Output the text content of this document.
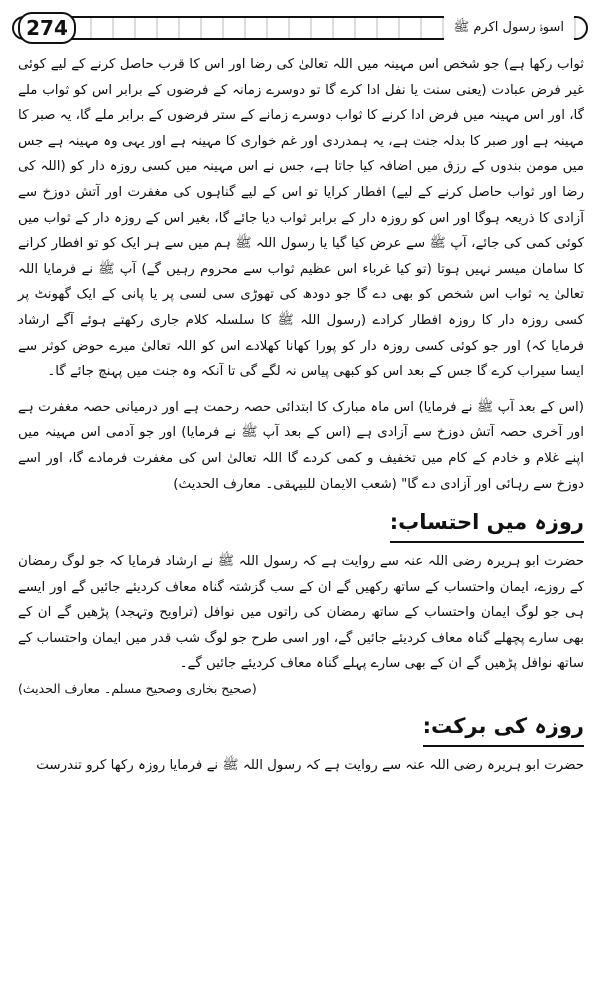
274	اسوۂ رسول اکرم ﷺ

ثواب رکھا ہے) جو شخص اس مہینہ میں اللہ تعالیٰ کی رضا اور اس کا قرب حاصل کرنے کے لیے کوئی غیر فرض عبادت (یعنی سنت یا نفل ادا کرے گا تو دوسرے زمانہ کے فرضوں کے برابر اس کو ثواب ملے گا، اور اس مہینہ میں فرض ادا کرنے کا ثواب دوسرے زمانے کے ستر فرضوں کے برابر ملے گا، یہ صبر کا مہینہ ہے اور صبر کا بدلہ جنت ہے، یہ ہمدردی اور غم خواری کا مہینہ ہے اور یہی وہ مہینہ ہے جس میں مومن بندوں کے رزق میں اضافہ کیا جاتا ہے، جس نے اس مہینہ میں کسی روزہ دار کو (اللہ کی رضا اور ثواب حاصل کرنے کے لیے) افطار کرایا تو اس کے لیے گناہوں کی مغفرت اور آتش دوزخ سے آزادی کا ذریعہ ہوگا اور اس کو روزہ دار کے برابر ثواب دیا جائے گا، بغیر اس کے روزہ دار کے ثواب میں کوئی کمی کی جائے، آپ ﷺ سے عرض کیا گیا یا رسول اللہ ﷺ ہم میں سے ہر ایک کو تو افطار کرانے کا سامان میسر نہیں ہوتا (تو کیا غرباء اس عظیم ثواب سے محروم رہیں گے) آپ ﷺ نے فرمایا اللہ تعالیٰ یہ ثواب اس شخص کو بھی دے گا جو دودھ کی تھوڑی سی لسی پر یا پانی کے ایک گھونٹ پر کسی روزہ دار کا روزہ افطار کرادے (رسول اللہ ﷺ کا سلسلہ کلام جاری رکھتے ہوئے آگے ارشاد فرمایا کہ) اور جو کوئی کسی روزہ دار کو پورا کھانا کھلادے اس کو اللہ تعالیٰ میرے حوض کوثر سے ایسا سیراب کرے گا جس کے بعد اس کو کبھی پیاس نہ لگے گی تا آنکہ وہ جنت میں پہنچ جائے گا۔

(اس کے بعد آپ ﷺ نے فرمایا) اس ماہ مبارک کا ابتدائی حصہ رحمت ہے اور درمیانی حصہ مغفرت ہے اور آخری حصہ آتش دوزخ سے آزادی ہے (اس کے بعد آپ ﷺ نے فرمایا) اور جو آدمی اس مہینہ میں اپنے غلام و خادم کے کام میں تخفیف و کمی کردے گا اللہ تعالیٰ اس کی مغفرت فرمادے گا، اور اسے دوزخ سے رہائی اور آزادی دے گا" (شعب الایمان للبیہقی۔ معارف الحدیث)

روزہ میں احتساب:

حضرت ابو ہریرہ رضی اللہ عنہ سے روایت ہے کہ رسول اللہ ﷺ نے ارشاد فرمایا کہ جو لوگ رمضان کے روزے، ایمان واحتساب کے ساتھ رکھیں گے ان کے سب گزشتہ گناہ معاف کردیئے جائیں گے اور ایسے ہی جو لوگ ایمان واحتساب کے ساتھ رمضان کی راتوں میں نوافل (تراویح وتہجد) پڑھیں گے ان کے بھی سارے پچھلے گناہ معاف کردیئے جائیں گے، اور اسی طرح جو لوگ شب قدر میں ایمان واحتساب کے ساتھ نوافل پڑھیں گے ان کے بھی سارے پہلے گناہ معاف کردیئے جائیں گے۔

(صحیح بخاری وصحیح مسلم۔ معارف الحدیث)

روزہ کی برکت:

حضرت ابو ہریرہ رضی اللہ عنہ سے روایت ہے کہ رسول اللہ ﷺ نے فرمایا روزہ رکھا کرو تندرست
